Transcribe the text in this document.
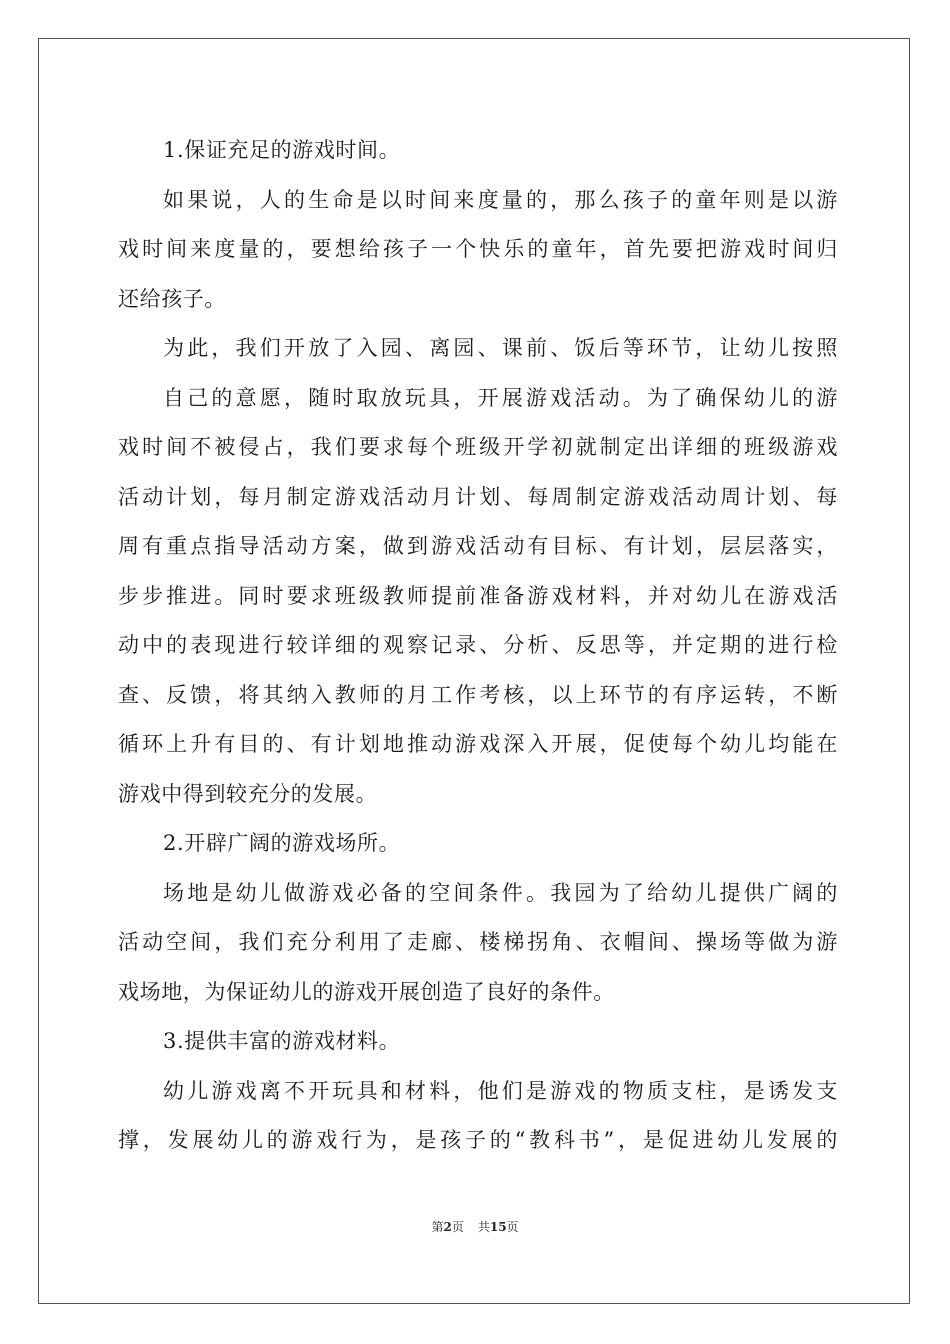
1.保证充足的游戏时间。
如果说，人的生命是以时间来度量的，那么孩子的童年则是以游
戏时间来度量的，要想给孩子一个快乐的童年，首先要把游戏时间归
还给孩子。
为此，我们开放了入园、离园、课前、饭后等环节，让幼儿按照
自己的意愿，随时取放玩具，开展游戏活动。为了确保幼儿的游
戏时间不被侵占，我们要求每个班级开学初就制定出详细的班级游戏
活动计划，每月制定游戏活动月计划、每周制定游戏活动周计划、每
周有重点指导活动方案，做到游戏活动有目标、有计划，层层落实，
步步推进。同时要求班级教师提前准备游戏材料，并对幼儿在游戏活
动中的表现进行较详细的观察记录、分析、反思等，并定期的进行检
查、反馈，将其纳入教师的月工作考核，以上环节的有序运转，不断
循环上升有目的、有计划地推动游戏深入开展，促使每个幼儿均能在
游戏中得到较充分的发展。
2.开辟广阔的游戏场所。
场地是幼儿做游戏必备的空间条件。我园为了给幼儿提供广阔的
活动空间，我们充分利用了走廊、楼梯拐角、衣帽间、操场等做为游
戏场地，为保证幼儿的游戏开展创造了良好的条件。
3.提供丰富的游戏材料。
幼儿游戏离不开玩具和材料，他们是游戏的物质支柱，是诱发支
撑，发展幼儿的游戏行为，是孩子的“教科书”，是促进幼儿发展的
第2页 共15页
